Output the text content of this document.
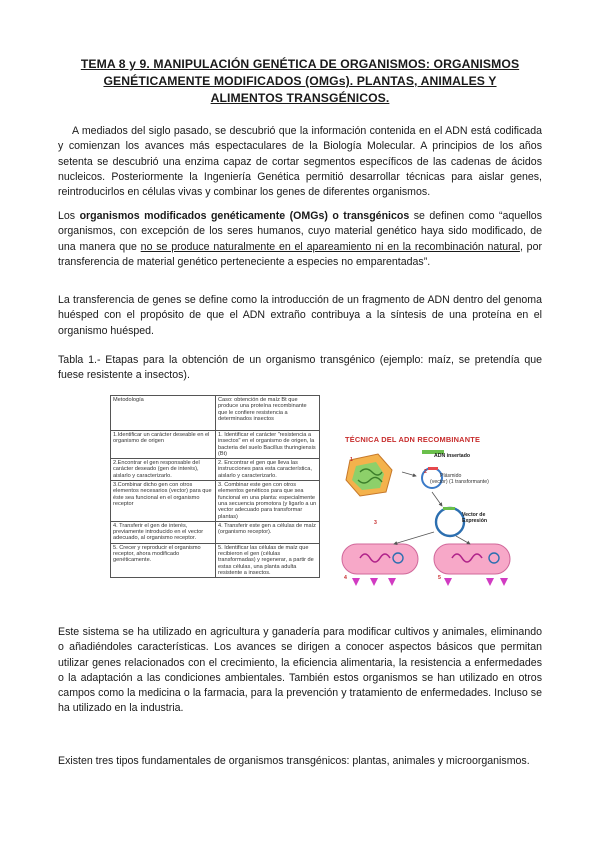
TEMA 8 y 9. MANIPULACIÓN GENÉTICA DE ORGANISMOS: ORGANISMOS
GENÉTICAMENTE MODIFICADOS (OMGs). PLANTAS, ANIMALES Y
ALIMENTOS TRANSGÉNICOS.

A mediados del siglo pasado, se descubrió que la información contenida en el ADN está codificada y comienzan los avances más espectaculares de la Biología Molecular. A principios de los años setenta se descubrió una enzima capaz de cortar segmentos específicos de las cadenas de ácidos nucleicos. Posteriormente la Ingeniería Genética permitió desarrollar técnicas para aislar genes, reintroducirlos en células vivas y combinar los genes de diferentes organismos.

Los organismos modificados genéticamente (OMGs) o transgénicos se definen como “aquellos organismos, con excepción de los seres humanos, cuyo material genético haya sido modificado, de una manera que no se produce naturalmente en el apareamiento ni en la recombinación natural, por transferencia de material genético perteneciente a especies no emparentadas”.

La transferencia de genes se define como la introducción de un fragmento de ADN dentro del genoma huésped con el propósito de que el ADN extraño contribuya a la síntesis de una proteína en el organismo huésped.

Tabla 1.- Etapas para la obtención de un organismo transgénico (ejemplo: maíz, se pretendía que fuese resistente a insectos).

Metodología	Caso: obtención de maíz Bt que produce una proteína recombinante que le confiere resistencia a determinados insectos
1.Identificar un carácter deseable en el organismo de origen	1. Identificar el carácter "resistencia a insectos" en el organismo de origen, la bacteria del suelo Bacillus thuringiensis (Bt)
2.Encontrar el gen responsable del carácter deseado (gen de interés), aislarlo y caracterizarlo.	2. Encontrar el gen que lleva las instrucciones para esta característica, aislarlo y caracterizarlo.
3.Combinar dicho gen con otros elementos necesarios (vector) para que éste sea funcional en el organismo receptor	3. Combinar este gen con otros elementos genéticos para que sea funcional en una planta: especialmente una secuencia promotora (y ligarlo a un vector adecuado para transformar plantas)
4. Transferir el gen de interés, previamente introducido en el vector adecuado, al organismo receptor.	4. Transferir este gen a células de maíz (organismo receptor).
5. Crecer y reproducir el organismo receptor, ahora modificado genéticamente.	5. Identificar las células de maíz que recibieron el gen (células transformadas) y regenerar, a partir de estas células, una planta adulta resistente a insectos.
TÉCNICA DEL ADN RECOMBINANTE
ADN insertado
Plásmido
(vector) (1 transformante)
Vector de Expresión
1
2
3
4	5

Este sistema se ha utilizado en agricultura y ganadería para modificar cultivos y animales, eliminando o añadiéndoles características. Los avances se dirigen a conocer aspectos básicos que permitan utilizar genes relacionados con el crecimiento, la eficiencia alimentaria, la resistencia a enfermedades o la adaptación a las condiciones ambientales. También estos organismos se han utilizado en otros campos como la medicina o la farmacia, para la prevención y tratamiento de enfermedades. Incluso se ha utilizado en la industria.

Existen tres tipos fundamentales de organismos transgénicos: plantas, animales y microorganismos.
